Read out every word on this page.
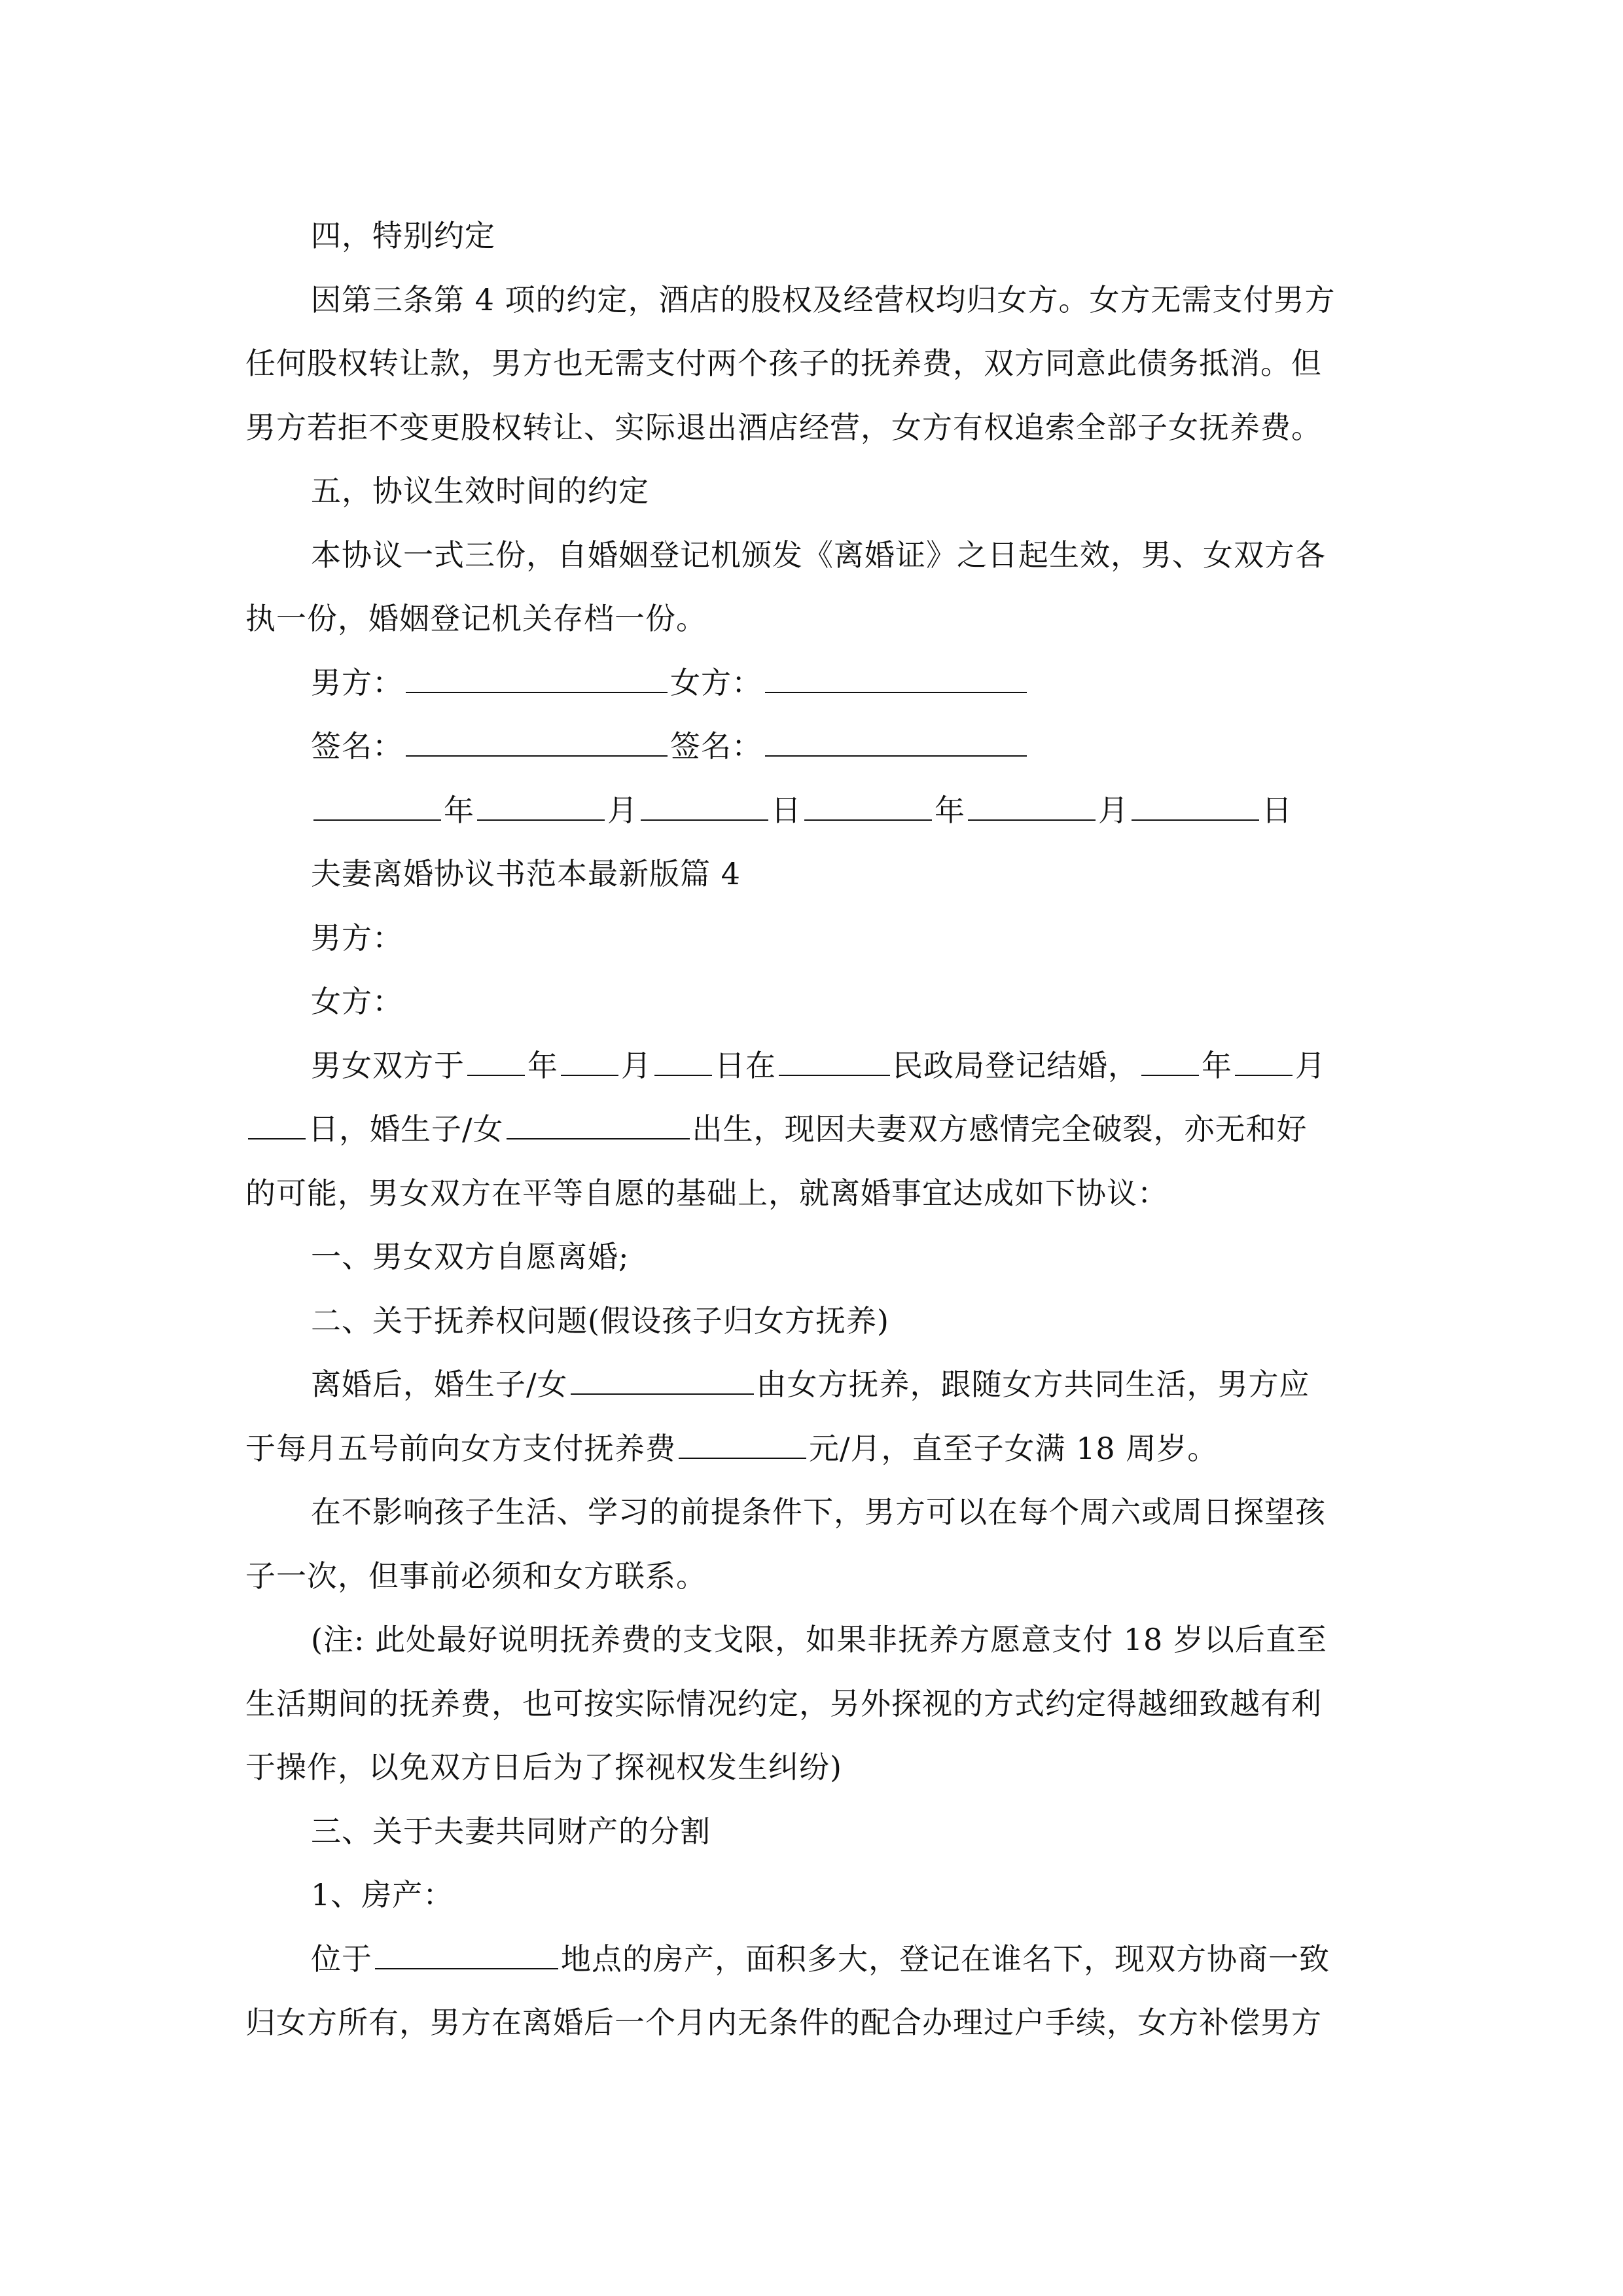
四，特别约定
因第三条第 4 项的约定，酒店的股权及经营权均归女方。女方无需支付男方
任何股权转让款，男方也无需支付两个孩子的抚养费，双方同意此债务抵消。但
男方若拒不变更股权转让、实际退出酒店经营，女方有权追索全部子女抚养费。
五，协议生效时间的约定
本协议一式三份，自婚姻登记机颁发《离婚证》之日起生效，男、女双方各
执一份，婚姻登记机关存档一份。
男方：	女方：
签名：	签名：
年	月	日	年	月	日
夫妻离婚协议书范本最新版篇 4
男方：
女方：
男女双方于 年 月 日在	民政局登记结婚， 年 月
日，婚生子/女	出生，现因夫妻双方感情完全破裂，亦无和好
的可能，男女双方在平等自愿的基础上，就离婚事宜达成如下协议：
一、男女双方自愿离婚;
二、关于抚养权问题(假设孩子归女方抚养)
离婚后，婚生子/女	由女方抚养，跟随女方共同生活，男方应
于每月五号前向女方支付抚养费	元/月，直至子女满 18 周岁。
在不影响孩子生活、学习的前提条件下，男方可以在每个周六或周日探望孩
子一次，但事前必须和女方联系。
(注: 此处最好说明抚养费的支戈限，如果非抚养方愿意支付 18 岁以后直至
生活期间的抚养费，也可按实际情况约定，另外探视的方式约定得越细致越有利
于操作，以免双方日后为了探视权发生纠纷)
三、关于夫妻共同财产的分割
1、房产：
位于	地点的房产，面积多大，登记在谁名下，现双方协商一致
归女方所有，男方在离婚后一个月内无条件的配合办理过户手续，女方补偿男方
